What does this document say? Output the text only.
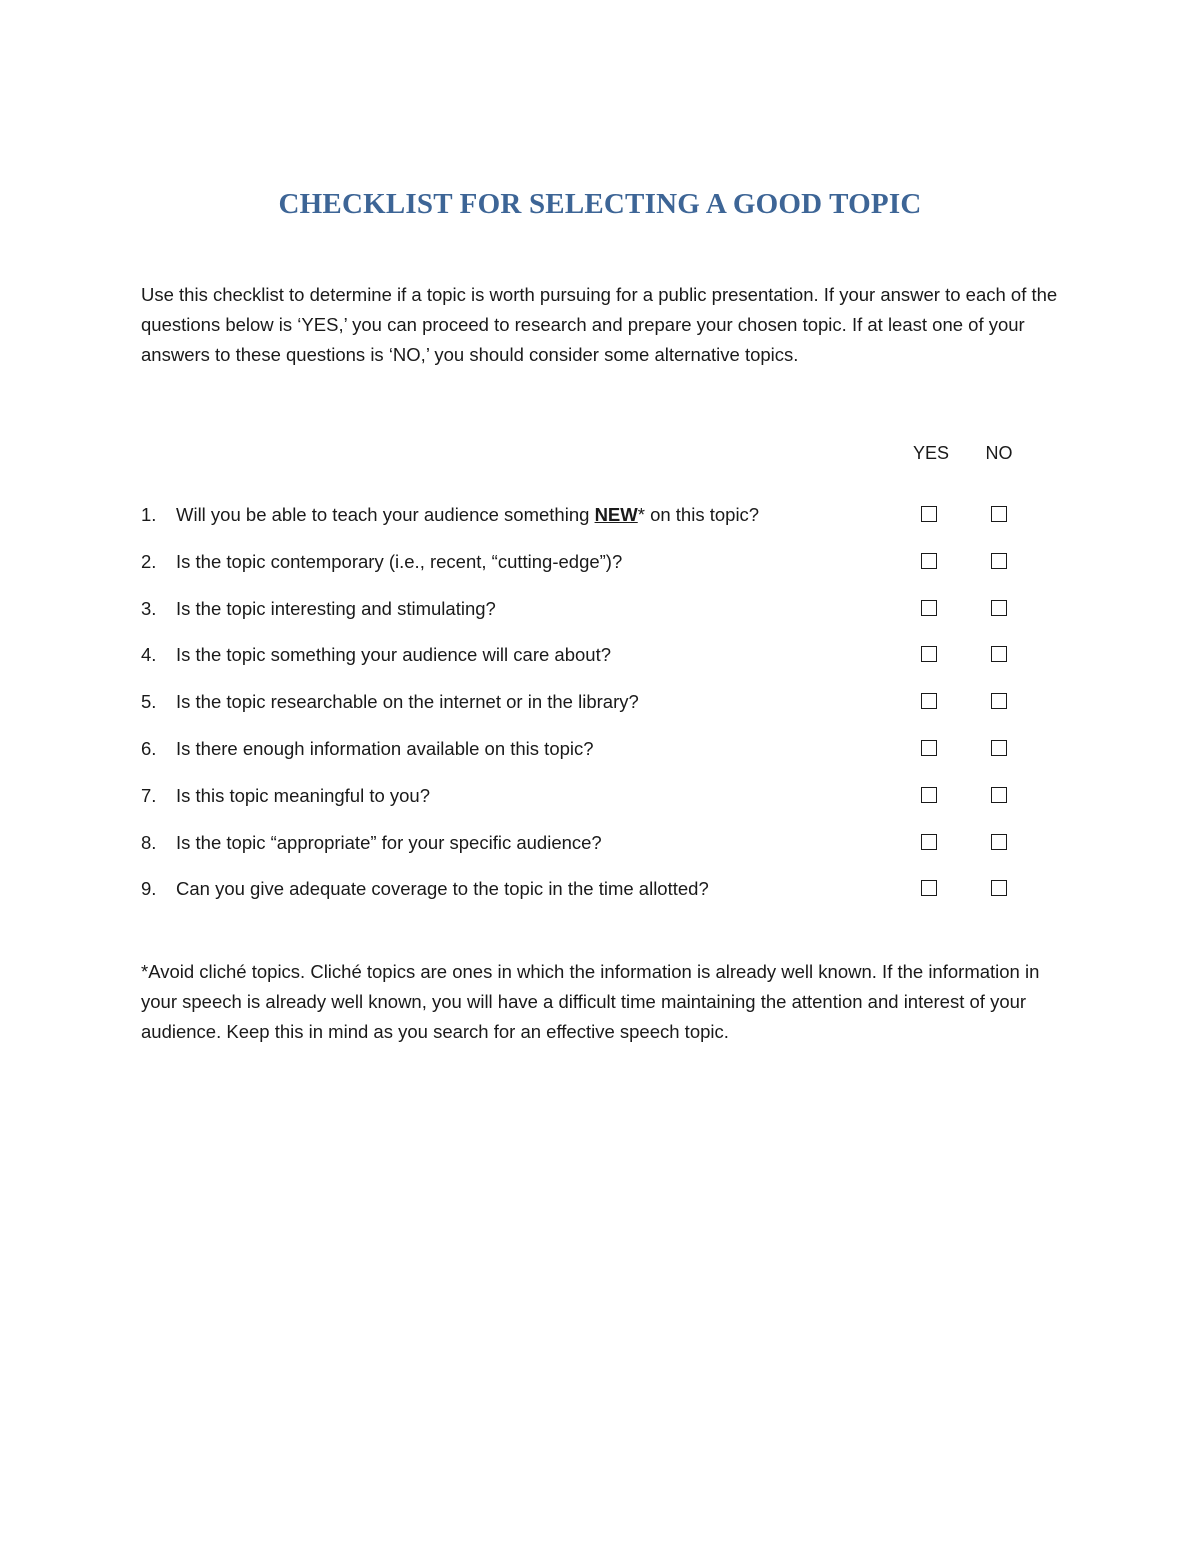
CHECKLIST FOR SELECTING A GOOD TOPIC

Use this checklist to determine if a topic is worth pursuing for a public presentation. If your answer to each of the questions below is ‘YES,’ you can proceed to research and prepare your chosen topic. If at least one of your answers to these questions is ‘NO,’ you should consider some alternative topics.

YES	NO
1. Will you be able to teach your audience something NEW* on this topic?
2. Is the topic contemporary (i.e., recent, “cutting-edge”)?
3. Is the topic interesting and stimulating?
4. Is the topic something your audience will care about?
5. Is the topic researchable on the internet or in the library?
6. Is there enough information available on this topic?
7. Is this topic meaningful to you?
8. Is the topic “appropriate” for your specific audience?
9. Can you give adequate coverage to the topic in the time allotted?

*Avoid cliché topics. Cliché topics are ones in which the information is already well known. If the information in your speech is already well known, you will have a difficult time maintaining the attention and interest of your audience. Keep this in mind as you search for an effective speech topic.
